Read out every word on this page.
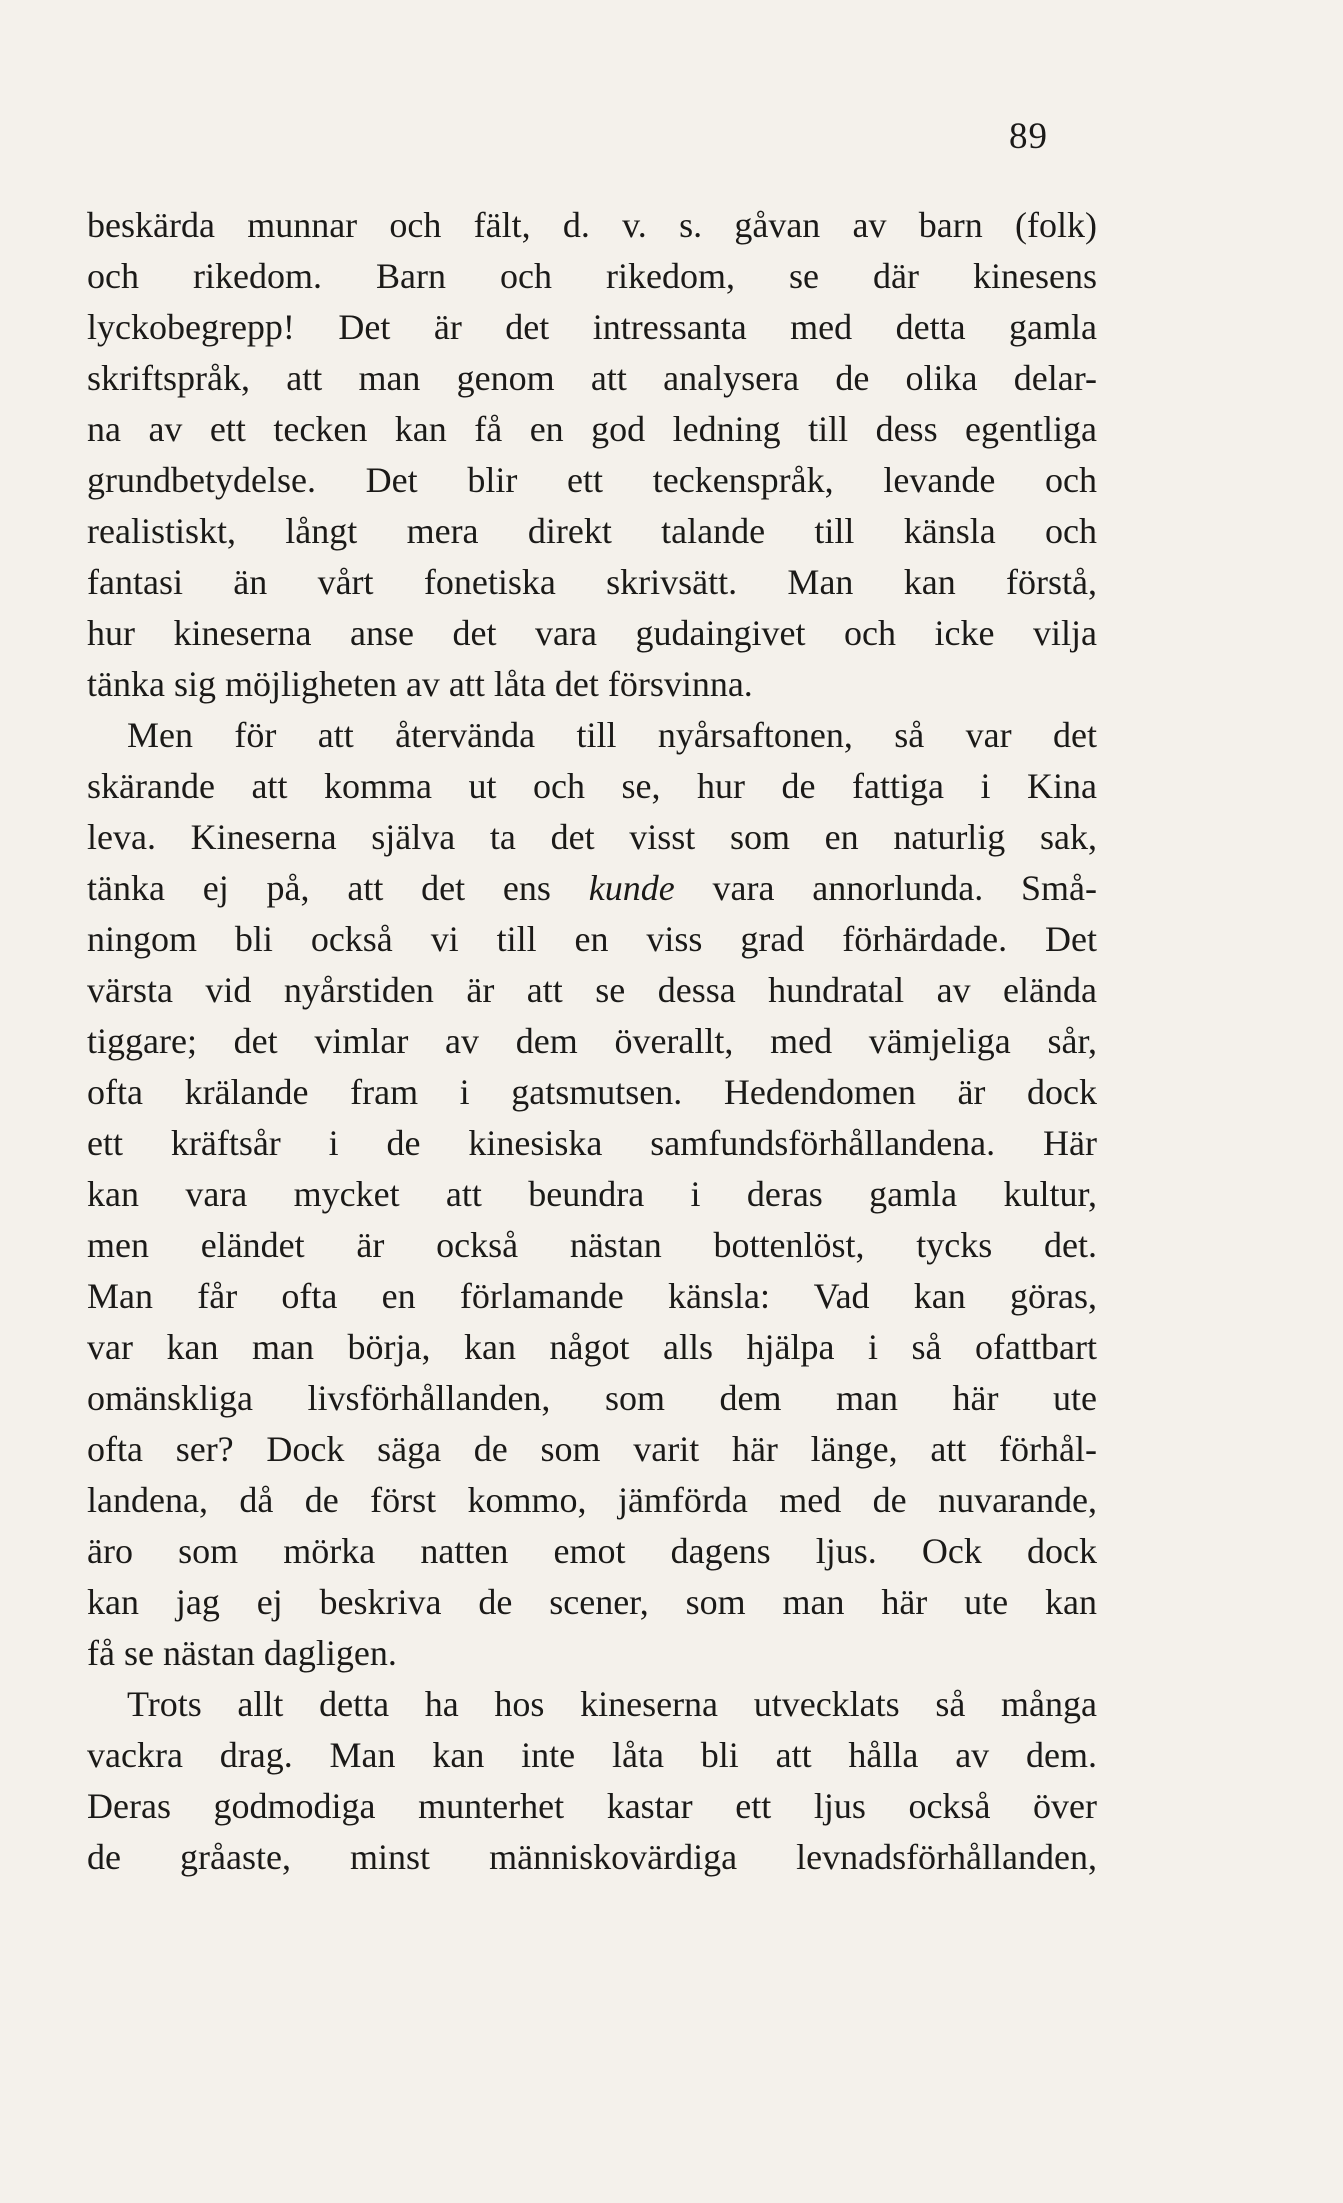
89
beskärda munnar och fält, d. v. s. gåvan av barn (folk)
och rikedom. Barn och rikedom, se där kinesens
lyckobegrepp! Det är det intressanta med detta gamla
skriftspråk, att man genom att analysera de olika delar-
na av ett tecken kan få en god ledning till dess egentliga
grundbetydelse. Det blir ett teckenspråk, levande och
realistiskt, långt mera direkt talande till känsla och
fantasi än vårt fonetiska skrivsätt. Man kan förstå,
hur kineserna anse det vara gudaingivet och icke vilja
tänka sig möjligheten av att låta det försvinna.
Men för att återvända till nyårsaftonen, så var det
skärande att komma ut och se, hur de fattiga i Kina
leva. Kineserna själva ta det visst som en naturlig sak,
tänka ej på, att det ens kunde vara annorlunda. Små-
ningom bli också vi till en viss grad förhärdade. Det
värsta vid nyårstiden är att se dessa hundratal av elända
tiggare; det vimlar av dem överallt, med vämjeliga sår,
ofta krälande fram i gatsmutsen. Hedendomen är dock
ett kräftsår i de kinesiska samfundsförhållandena. Här
kan vara mycket att beundra i deras gamla kultur,
men eländet är också nästan bottenlöst, tycks det.
Man får ofta en förlamande känsla: Vad kan göras,
var kan man börja, kan något alls hjälpa i så ofattbart
omänskliga livsförhållanden, som dem man här ute
ofta ser? Dock säga de som varit här länge, att förhål-
landena, då de först kommo, jämförda med de nuvarande,
äro som mörka natten emot dagens ljus. Ock dock
kan jag ej beskriva de scener, som man här ute kan
få se nästan dagligen.
Trots allt detta ha hos kineserna utvecklats så många
vackra drag. Man kan inte låta bli att hålla av dem.
Deras godmodiga munterhet kastar ett ljus också över
de gråaste, minst människovärdiga levnadsförhållanden,
